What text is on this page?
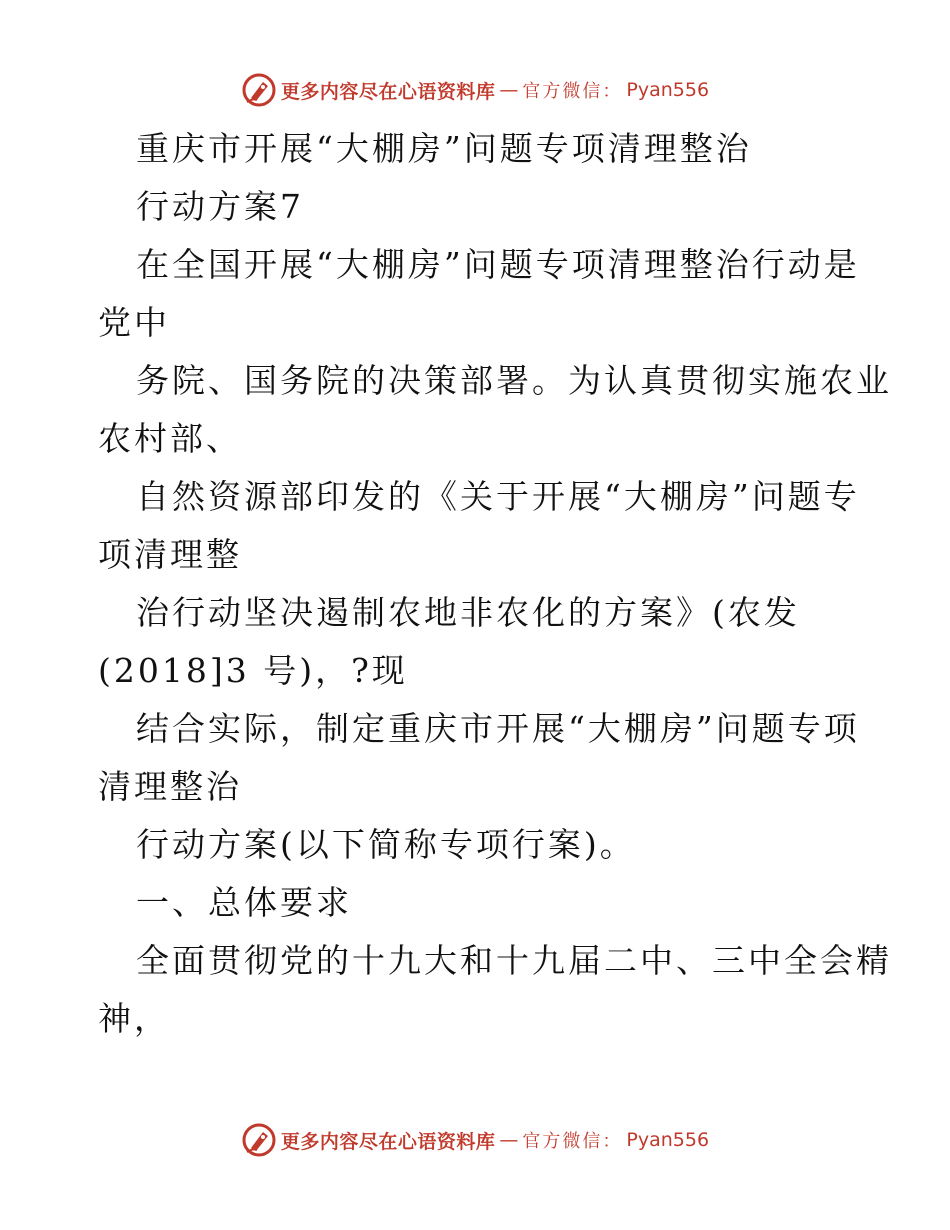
更多内容尽在心语资料库 — 官方微信： Pyan556
重庆市开展“大棚房”问题专项清理整治
行动方案7
在全国开展“大棚房”问题专项清理整治行动是
党中
务院、国务院的决策部署。为认真贯彻实施农业
农村部、
自然资源部印发的《关于开展“大棚房”问题专
项清理整
治行动坚决遏制农地非农化的方案》(农发
(2018]3 号)，?现
结合实际，制定重庆市开展“大棚房”问题专项
清理整治
行动方案(以下简称专项行案)。
一、总体要求
全面贯彻党的十九大和十九届二中、三中全会精
神，
更多内容尽在心语资料库 — 官方微信： Pyan556
